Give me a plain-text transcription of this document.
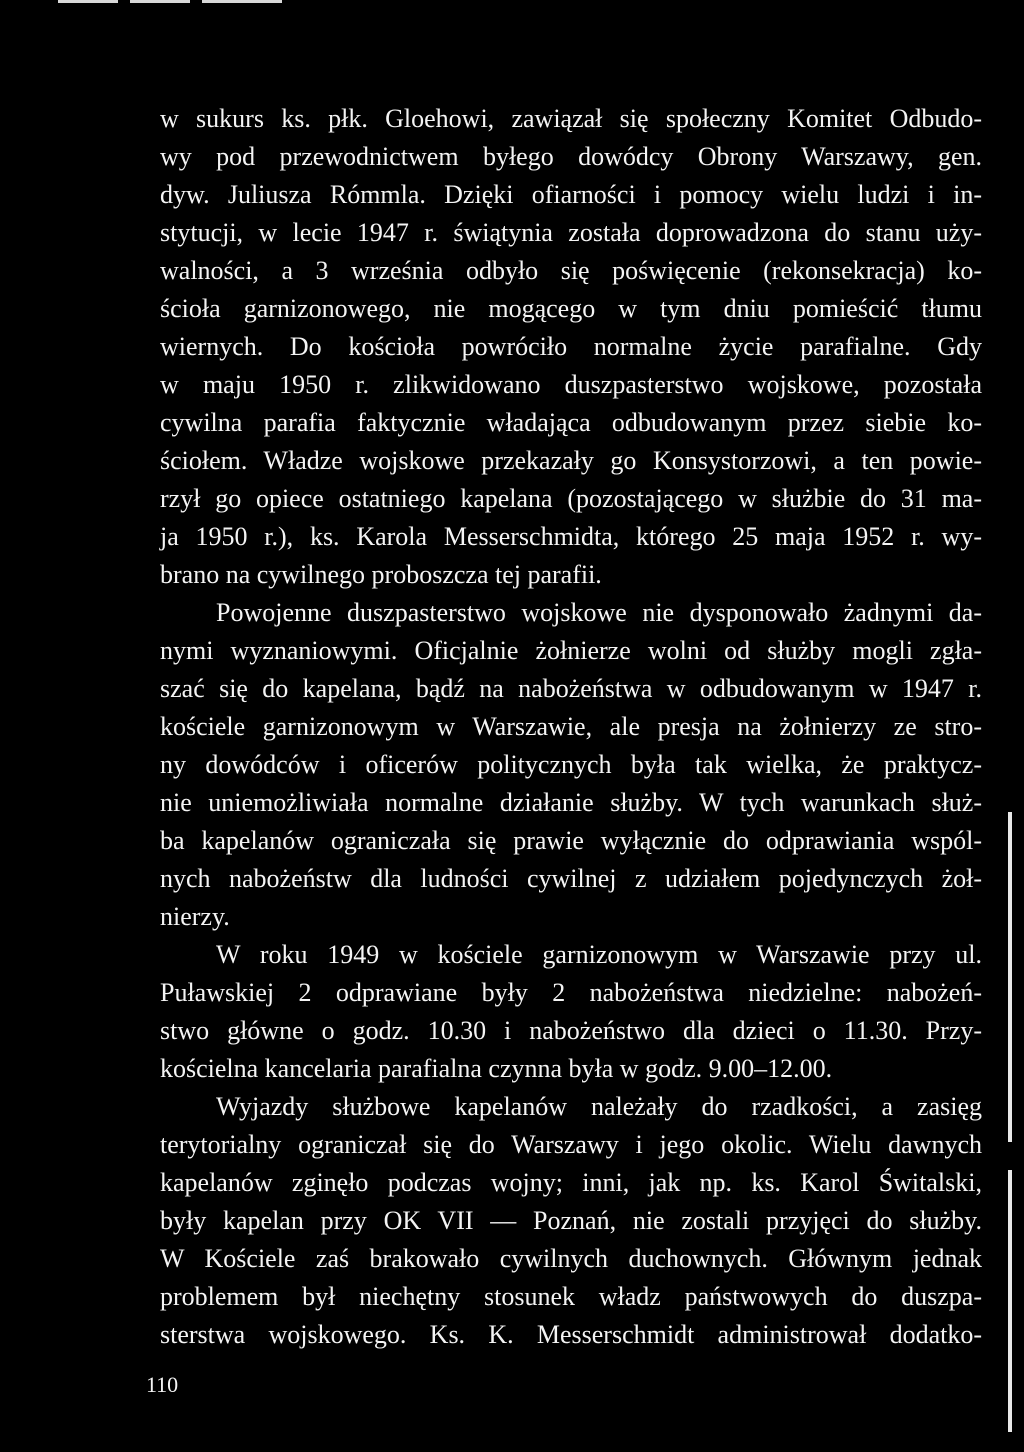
w sukurs ks. płk. Gloehowi, zawiązał się społeczny Komitet Odbudo-
wy pod przewodnictwem byłego dowódcy Obrony Warszawy, gen.
dyw. Juliusza Rómmla. Dzięki ofiarności i pomocy wielu ludzi i in-
stytucji, w lecie 1947 r. świątynia została doprowadzona do stanu uży-
walności, a 3 września odbyło się poświęcenie (rekonsekracja) ko-
ścioła garnizonowego, nie mogącego w tym dniu pomieścić tłumu
wiernych. Do kościoła powróciło normalne życie parafialne. Gdy
w maju 1950 r. zlikwidowano duszpasterstwo wojskowe, pozostała
cywilna parafia faktycznie władająca odbudowanym przez siebie ko-
ściołem. Władze wojskowe przekazały go Konsystorzowi, a ten powie-
rzył go opiece ostatniego kapelana (pozostającego w służbie do 31 ma-
ja 1950 r.), ks. Karola Messerschmidta, którego 25 maja 1952 r. wy-
brano na cywilnego proboszcza tej parafii.
Powojenne duszpasterstwo wojskowe nie dysponowało żadnymi da-
nymi wyznaniowymi. Oficjalnie żołnierze wolni od służby mogli zgła-
szać się do kapelana, bądź na nabożeństwa w odbudowanym w 1947 r.
kościele garnizonowym w Warszawie, ale presja na żołnierzy ze stro-
ny dowódców i oficerów politycznych była tak wielka, że praktycz-
nie uniemożliwiała normalne działanie służby. W tych warunkach służ-
ba kapelanów ograniczała się prawie wyłącznie do odprawiania wspól-
nych nabożeństw dla ludności cywilnej z udziałem pojedynczych żoł-
nierzy.
W roku 1949 w kościele garnizonowym w Warszawie przy ul.
Puławskiej 2 odprawiane były 2 nabożeństwa niedzielne: nabożeń-
stwo główne o godz. 10.30 i nabożeństwo dla dzieci o 11.30. Przy-
kościelna kancelaria parafialna czynna była w godz. 9.00–12.00.
Wyjazdy służbowe kapelanów należały do rzadkości, a zasięg
terytorialny ograniczał się do Warszawy i jego okolic. Wielu dawnych
kapelanów zginęło podczas wojny; inni, jak np. ks. Karol Świtalski,
były kapelan przy OK VII — Poznań, nie zostali przyjęci do służby.
W Kościele zaś brakowało cywilnych duchownych. Głównym jednak
problemem był niechętny stosunek władz państwowych do duszpa-
sterstwa wojskowego. Ks. K. Messerschmidt administrował dodatko-
110
